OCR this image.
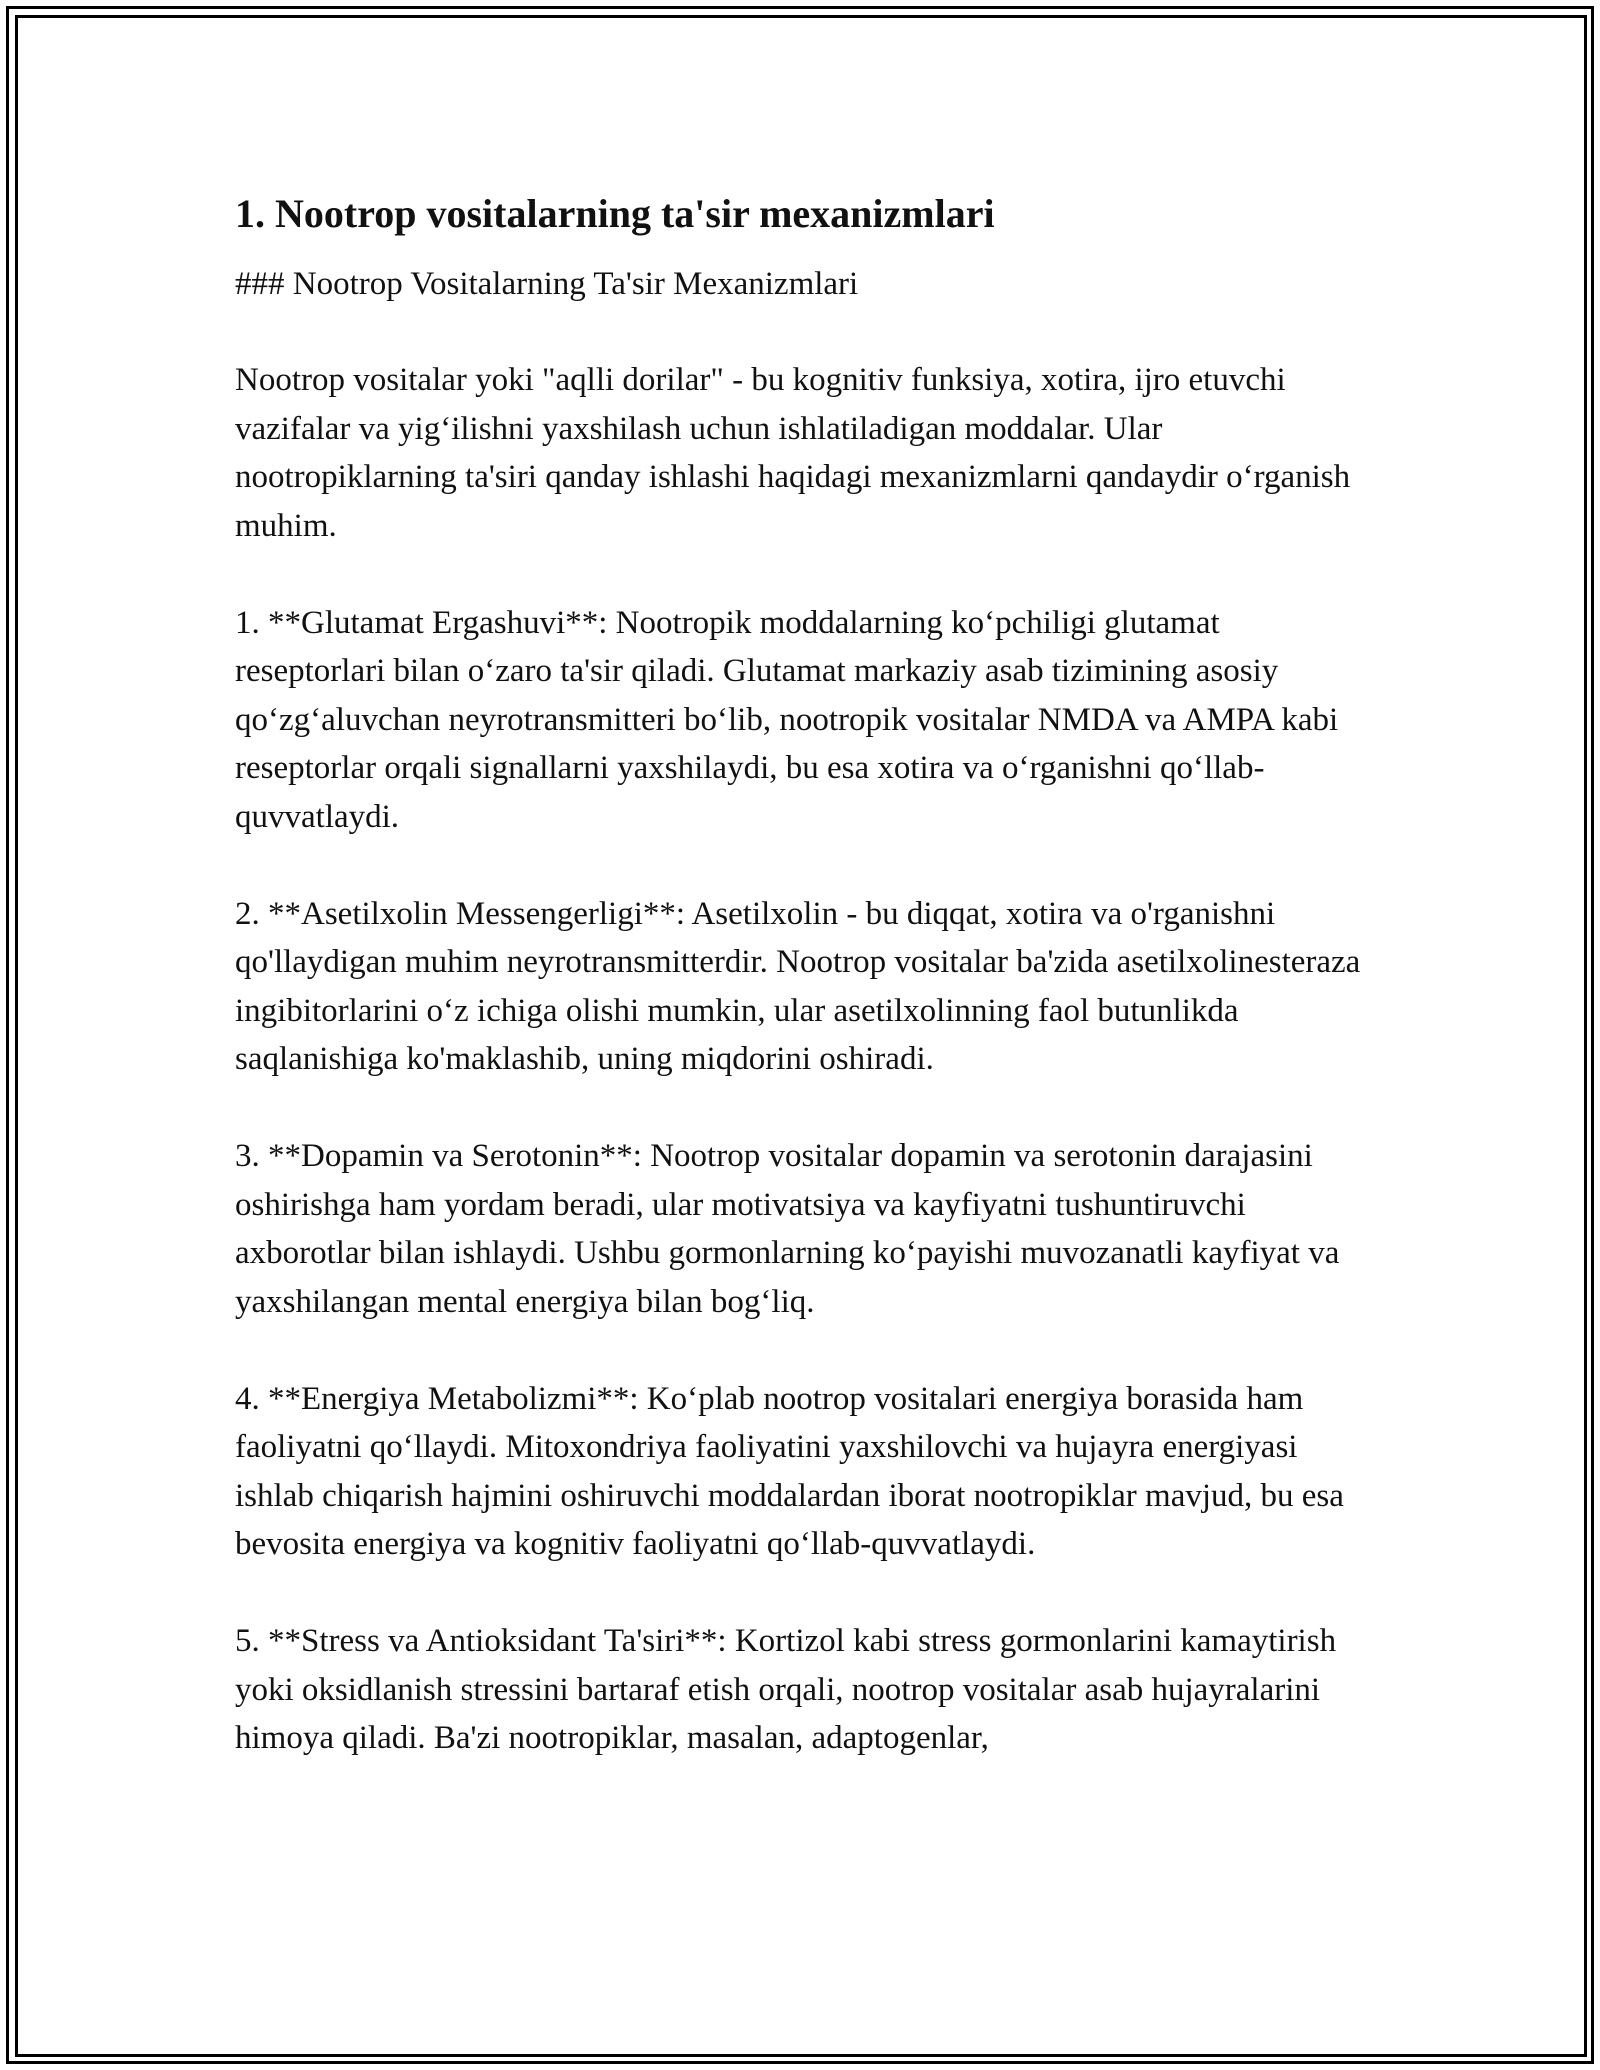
1. Nootrop vositalarning ta'sir mexanizmlari

### Nootrop Vositalarning Ta'sir Mexanizmlari

Nootrop vositalar yoki "aqlli dorilar" - bu kognitiv funksiya, xotira, ijro etuvchi vazifalar va yig‘ilishni yaxshilash uchun ishlatiladigan moddalar. Ular nootropiklarning ta'siri qanday ishlashi haqidagi mexanizmlarni qandaydir o‘rganish muhim.

1. **Glutamat Ergashuvi**: Nootropik moddalarning ko‘pchiligi glutamat reseptorlari bilan o‘zaro ta'sir qiladi. Glutamat markaziy asab tizimining asosiy qo‘zg‘aluvchan neyrotransmitteri bo‘lib, nootropik vositalar NMDA va AMPA kabi reseptorlar orqali signallarni yaxshilaydi, bu esa xotira va o‘rganishni qo‘llab-quvvatlaydi.

2. **Asetilxolin Messengerligi**: Asetilxolin - bu diqqat, xotira va o'rganishni qo'llaydigan muhim neyrotransmitterdir. Nootrop vositalar ba'zida asetilxolinesteraza ingibitorlarini o‘z ichiga olishi mumkin, ular asetilxolinning faol butunlikda saqlanishiga ko'maklashib, uning miqdorini oshiradi.

3. **Dopamin va Serotonin**: Nootrop vositalar dopamin va serotonin darajasini oshirishga ham yordam beradi, ular motivatsiya va kayfiyatni tushuntiruvchi axborotlar bilan ishlaydi. Ushbu gormonlarning ko‘payishi muvozanatli kayfiyat va yaxshilangan mental energiya bilan bog‘liq.

4. **Energiya Metabolizmi**: Ko‘plab nootrop vositalari energiya borasida ham faoliyatni qo‘llaydi. Mitoxondriya faoliyatini yaxshilovchi va hujayra energiyasi ishlab chiqarish hajmini oshiruvchi moddalardan iborat nootropiklar mavjud, bu esa bevosita energiya va kognitiv faoliyatni qo‘llab-quvvatlaydi.

5. **Stress va Antioksidant Ta'siri**: Kortizol kabi stress gormonlarini kamaytirish yoki oksidlanish stressini bartaraf etish orqali, nootrop vositalar asab hujayralarini himoya qiladi. Ba'zi nootropiklar, masalan, adaptogenlar,
